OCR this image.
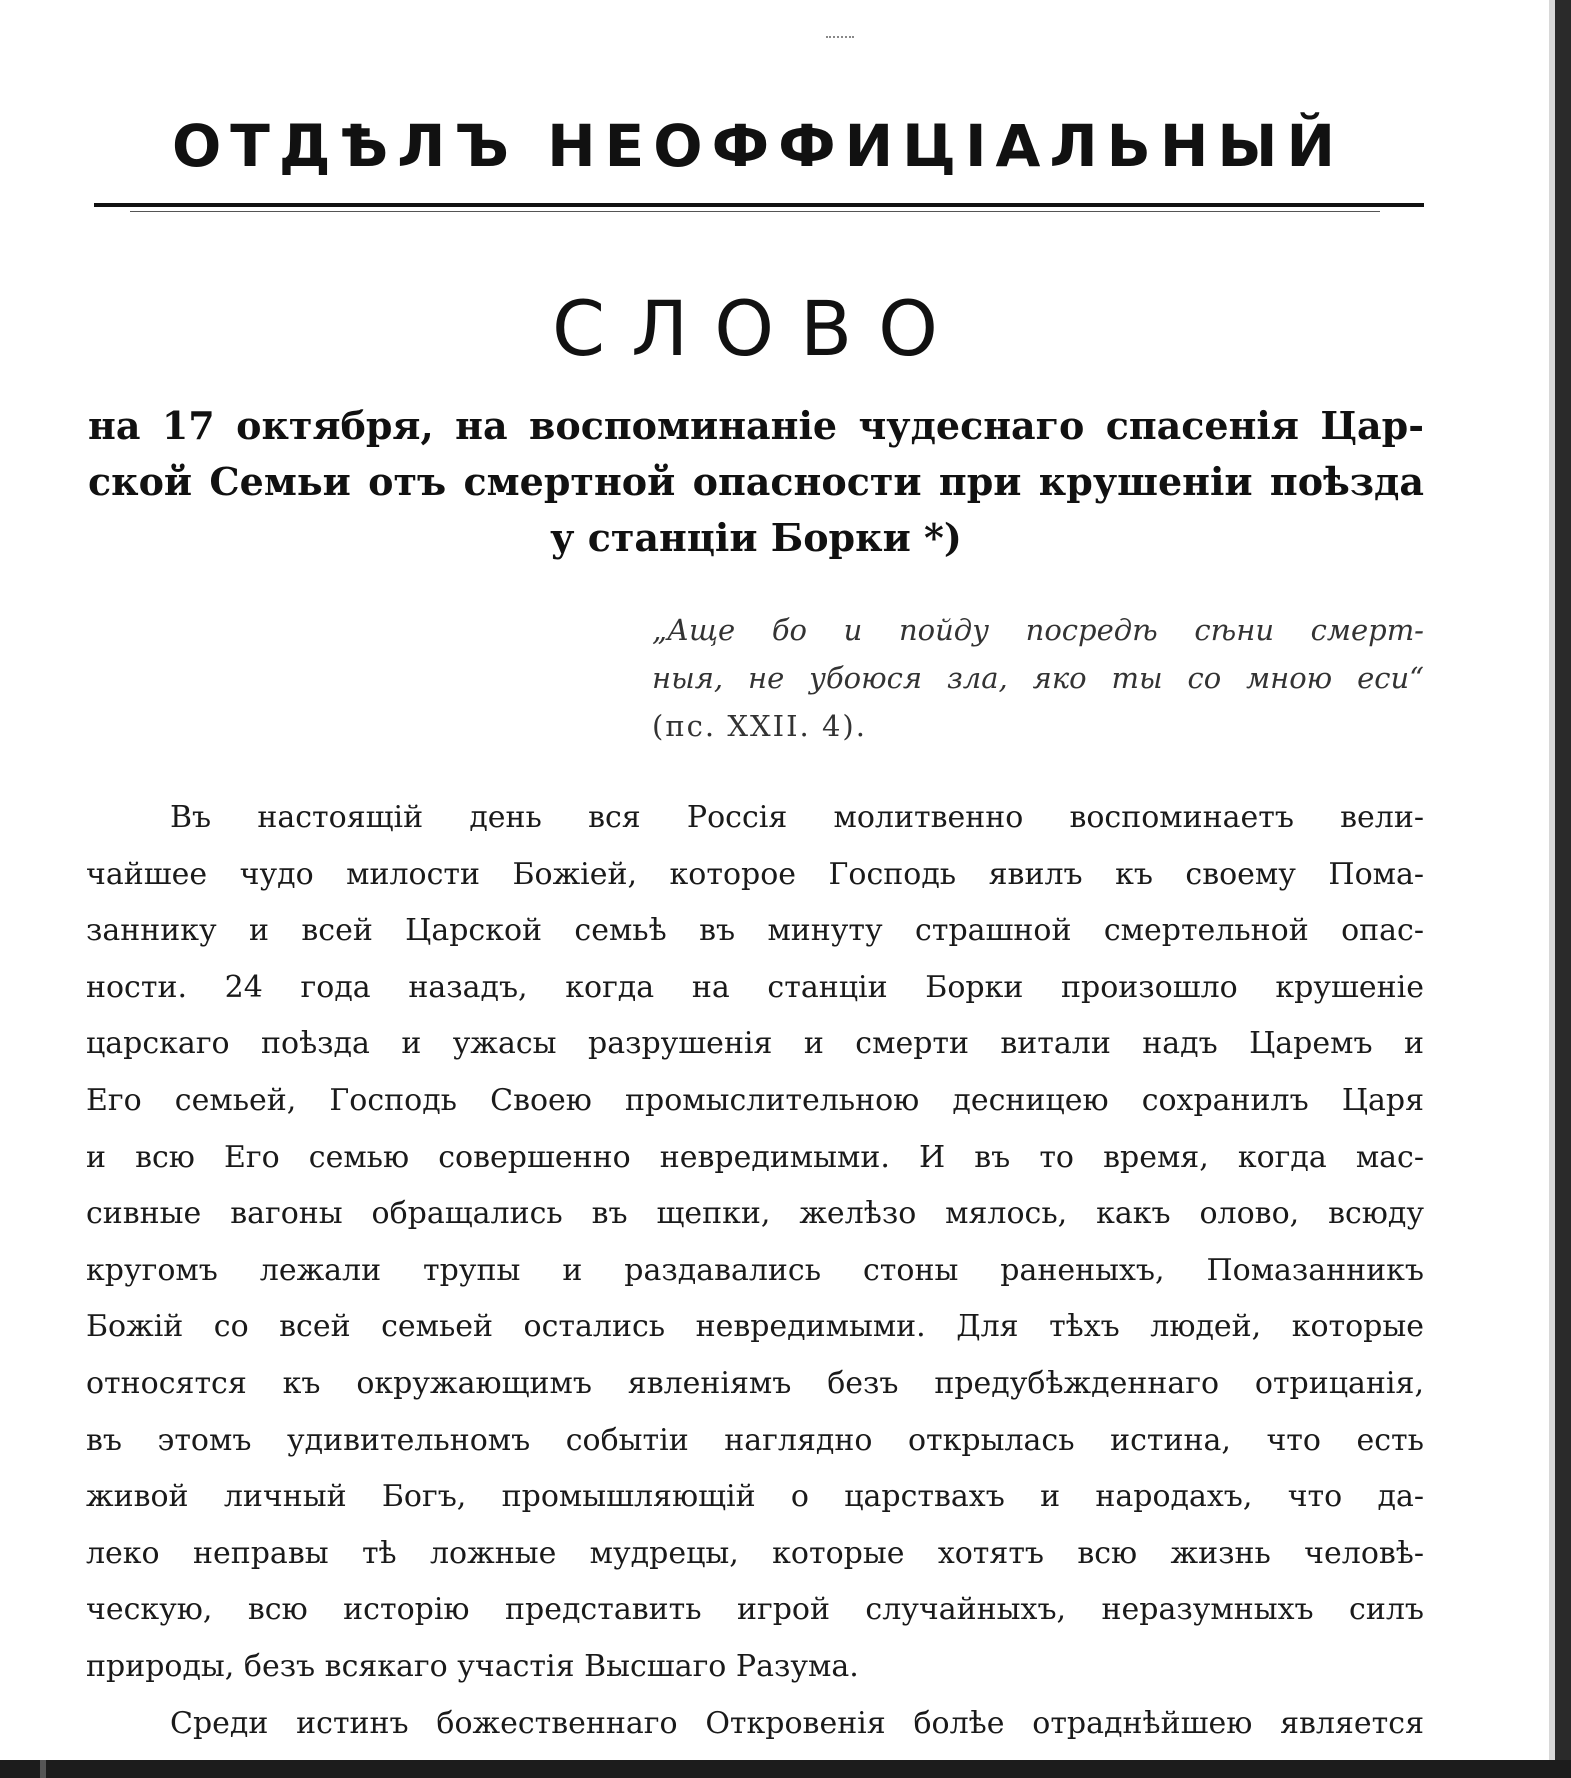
ОТДѢЛЪ НЕОФФИЦІАЛЬНЫЙ
СЛОВО
на 17 октября, на воспоминаніе чудеснаго спасенія Цар-
ской Семьи отъ смертной опасности при крушеніи поѣзда
у станціи Борки *)
„Аще бо и пойду посредѣ сѣни смерт-
ныя, не убоюся зла, яко ты со мною еси“
(пс. XXII. 4).
Въ настоящій день вся Россія молитвенно воспоминаетъ вели-
чайшее чудо милости Божіей, которое Господь явилъ къ своему Пома-
заннику и всей Царской семьѣ въ минуту страшной смертельной опас-
ности. 24 года назадъ, когда на станціи Борки произошло крушеніе
царскаго поѣзда и ужасы разрушенія и смерти витали надъ Царемъ и
Его семьей, Господь Своею промыслительною десницею сохранилъ Царя
и всю Его семью совершенно невредимыми. И въ то время, когда мас-
сивные вагоны обращались въ щепки, желѣзо мялось, какъ олово, всюду
кругомъ лежали трупы и раздавались стоны раненыхъ, Помазанникъ
Божій со всей семьей остались невредимыми. Для тѣхъ людей, которые
относятся къ окружающимъ явленіямъ безъ предубѣжденнаго отрицанія,
въ этомъ удивительномъ событіи наглядно открылась истина, что есть
живой личный Богъ, промышляющій о царствахъ и народахъ, что да-
леко неправы тѣ ложные мудрецы, которые хотятъ всю жизнь человѣ-
ческую, всю исторію представить игрой случайныхъ, неразумныхъ силъ
природы, безъ всякаго участія Высшаго Разума.
Среди истинъ божественнаго Откровенія болѣе отраднѣйшею является
